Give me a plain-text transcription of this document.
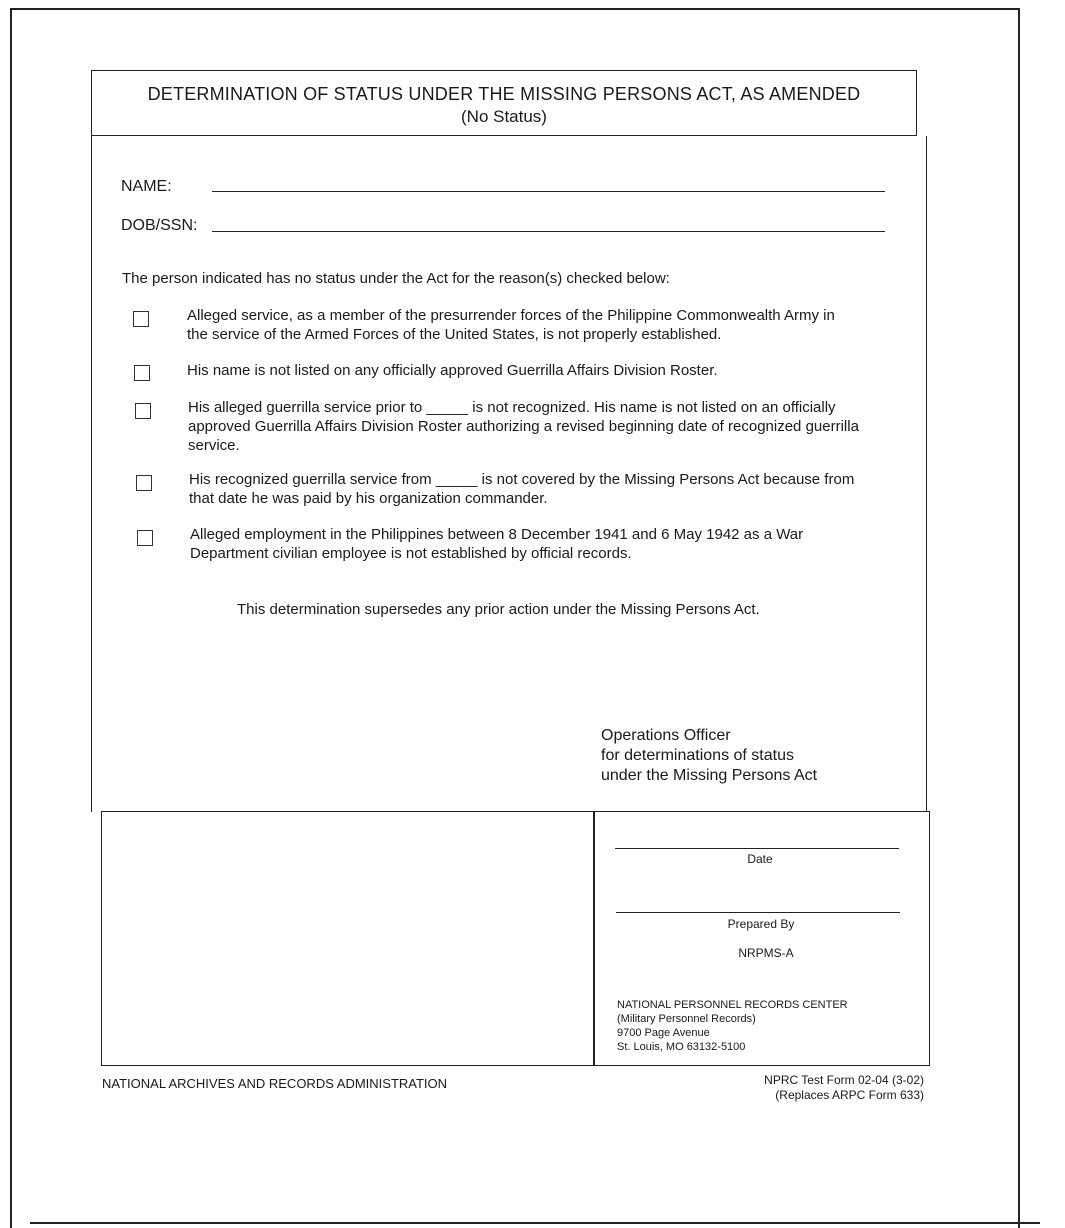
DETERMINATION OF STATUS UNDER THE MISSING PERSONS ACT, AS AMENDED
(No Status)
NAME:
DOB/SSN:
The person indicated has no status under the Act for the reason(s) checked below:
Alleged service, as a member of the presurrender forces of the Philippine Commonwealth Army in
the service of the Armed Forces of the United States, is not properly established.
His name is not listed on any officially approved Guerrilla Affairs Division Roster.
His alleged guerrilla service prior to _____ is not recognized. His name is not listed on an officially
approved Guerrilla Affairs Division Roster authorizing a revised beginning date of recognized guerrilla
service.
His recognized guerrilla service from _____ is not covered by the Missing Persons Act because from
that date he was paid by his organization commander.
Alleged employment in the Philippines between 8 December 1941 and 6 May 1942 as a War
Department civilian employee is not established by official records.
This determination supersedes any prior action under the Missing Persons Act.
Operations Officer
for determinations of status
under the Missing Persons Act
Date
Prepared By
NRPMS-A
NATIONAL PERSONNEL RECORDS CENTER
(Military Personnel Records)
9700 Page Avenue
St. Louis, MO 63132-5100
NATIONAL ARCHIVES AND RECORDS ADMINISTRATION	NPRC Test Form 02-04 (3-02)
(Replaces ARPC Form 633)
